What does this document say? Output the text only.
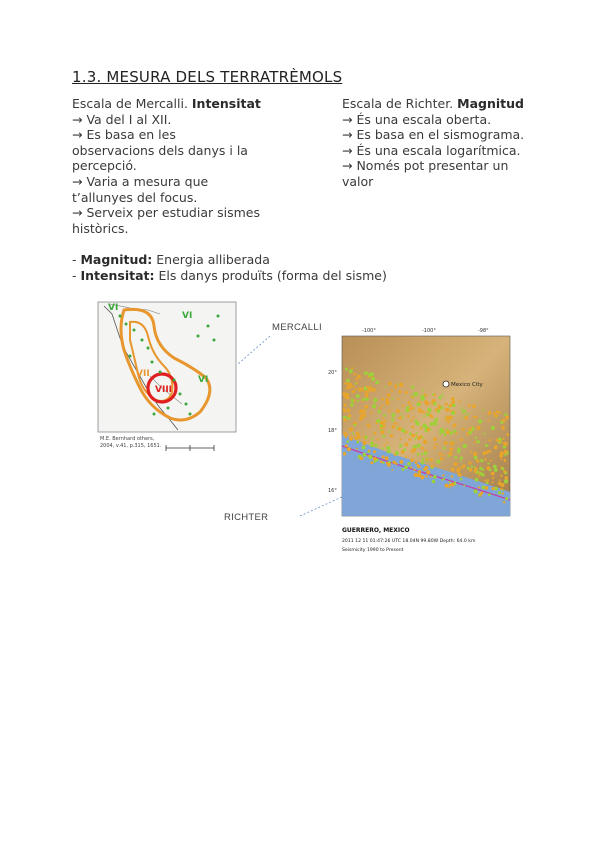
1.3. MESURA DELS TERRATRÈMOLS
Escala de Mercalli. Intensitat
→ Va del I al XII.
→ Es basa en les
observacions dels danys i la
percepció.
→ Varia a mesura que
t’allunyes del focus.
→ Serveix per estudiar sismes
històrics.
Escala de Richter. Magnitud
→ És una escala oberta.
→ Es basa en el sismograma.
→ És una escala logarítmica.
→ Només pot presentar un
valor
- Magnitud: Energia alliberada
- Intensitat: Els danys produïts (forma del sisme)
VI
VI
VII
VIII
VI
M.E. Bernhard others,
2004, v.41, p.315, 1651.
Mexico City
-100°	-100°	-98°
20°
18°
16°
GUERRERO, MEXICO
2011 12 11 01:47:26 UTC 18.04N 99.80W Depth: 64.0 km
Seismicity 1990 to Present
MERCALLI
RICHTER
